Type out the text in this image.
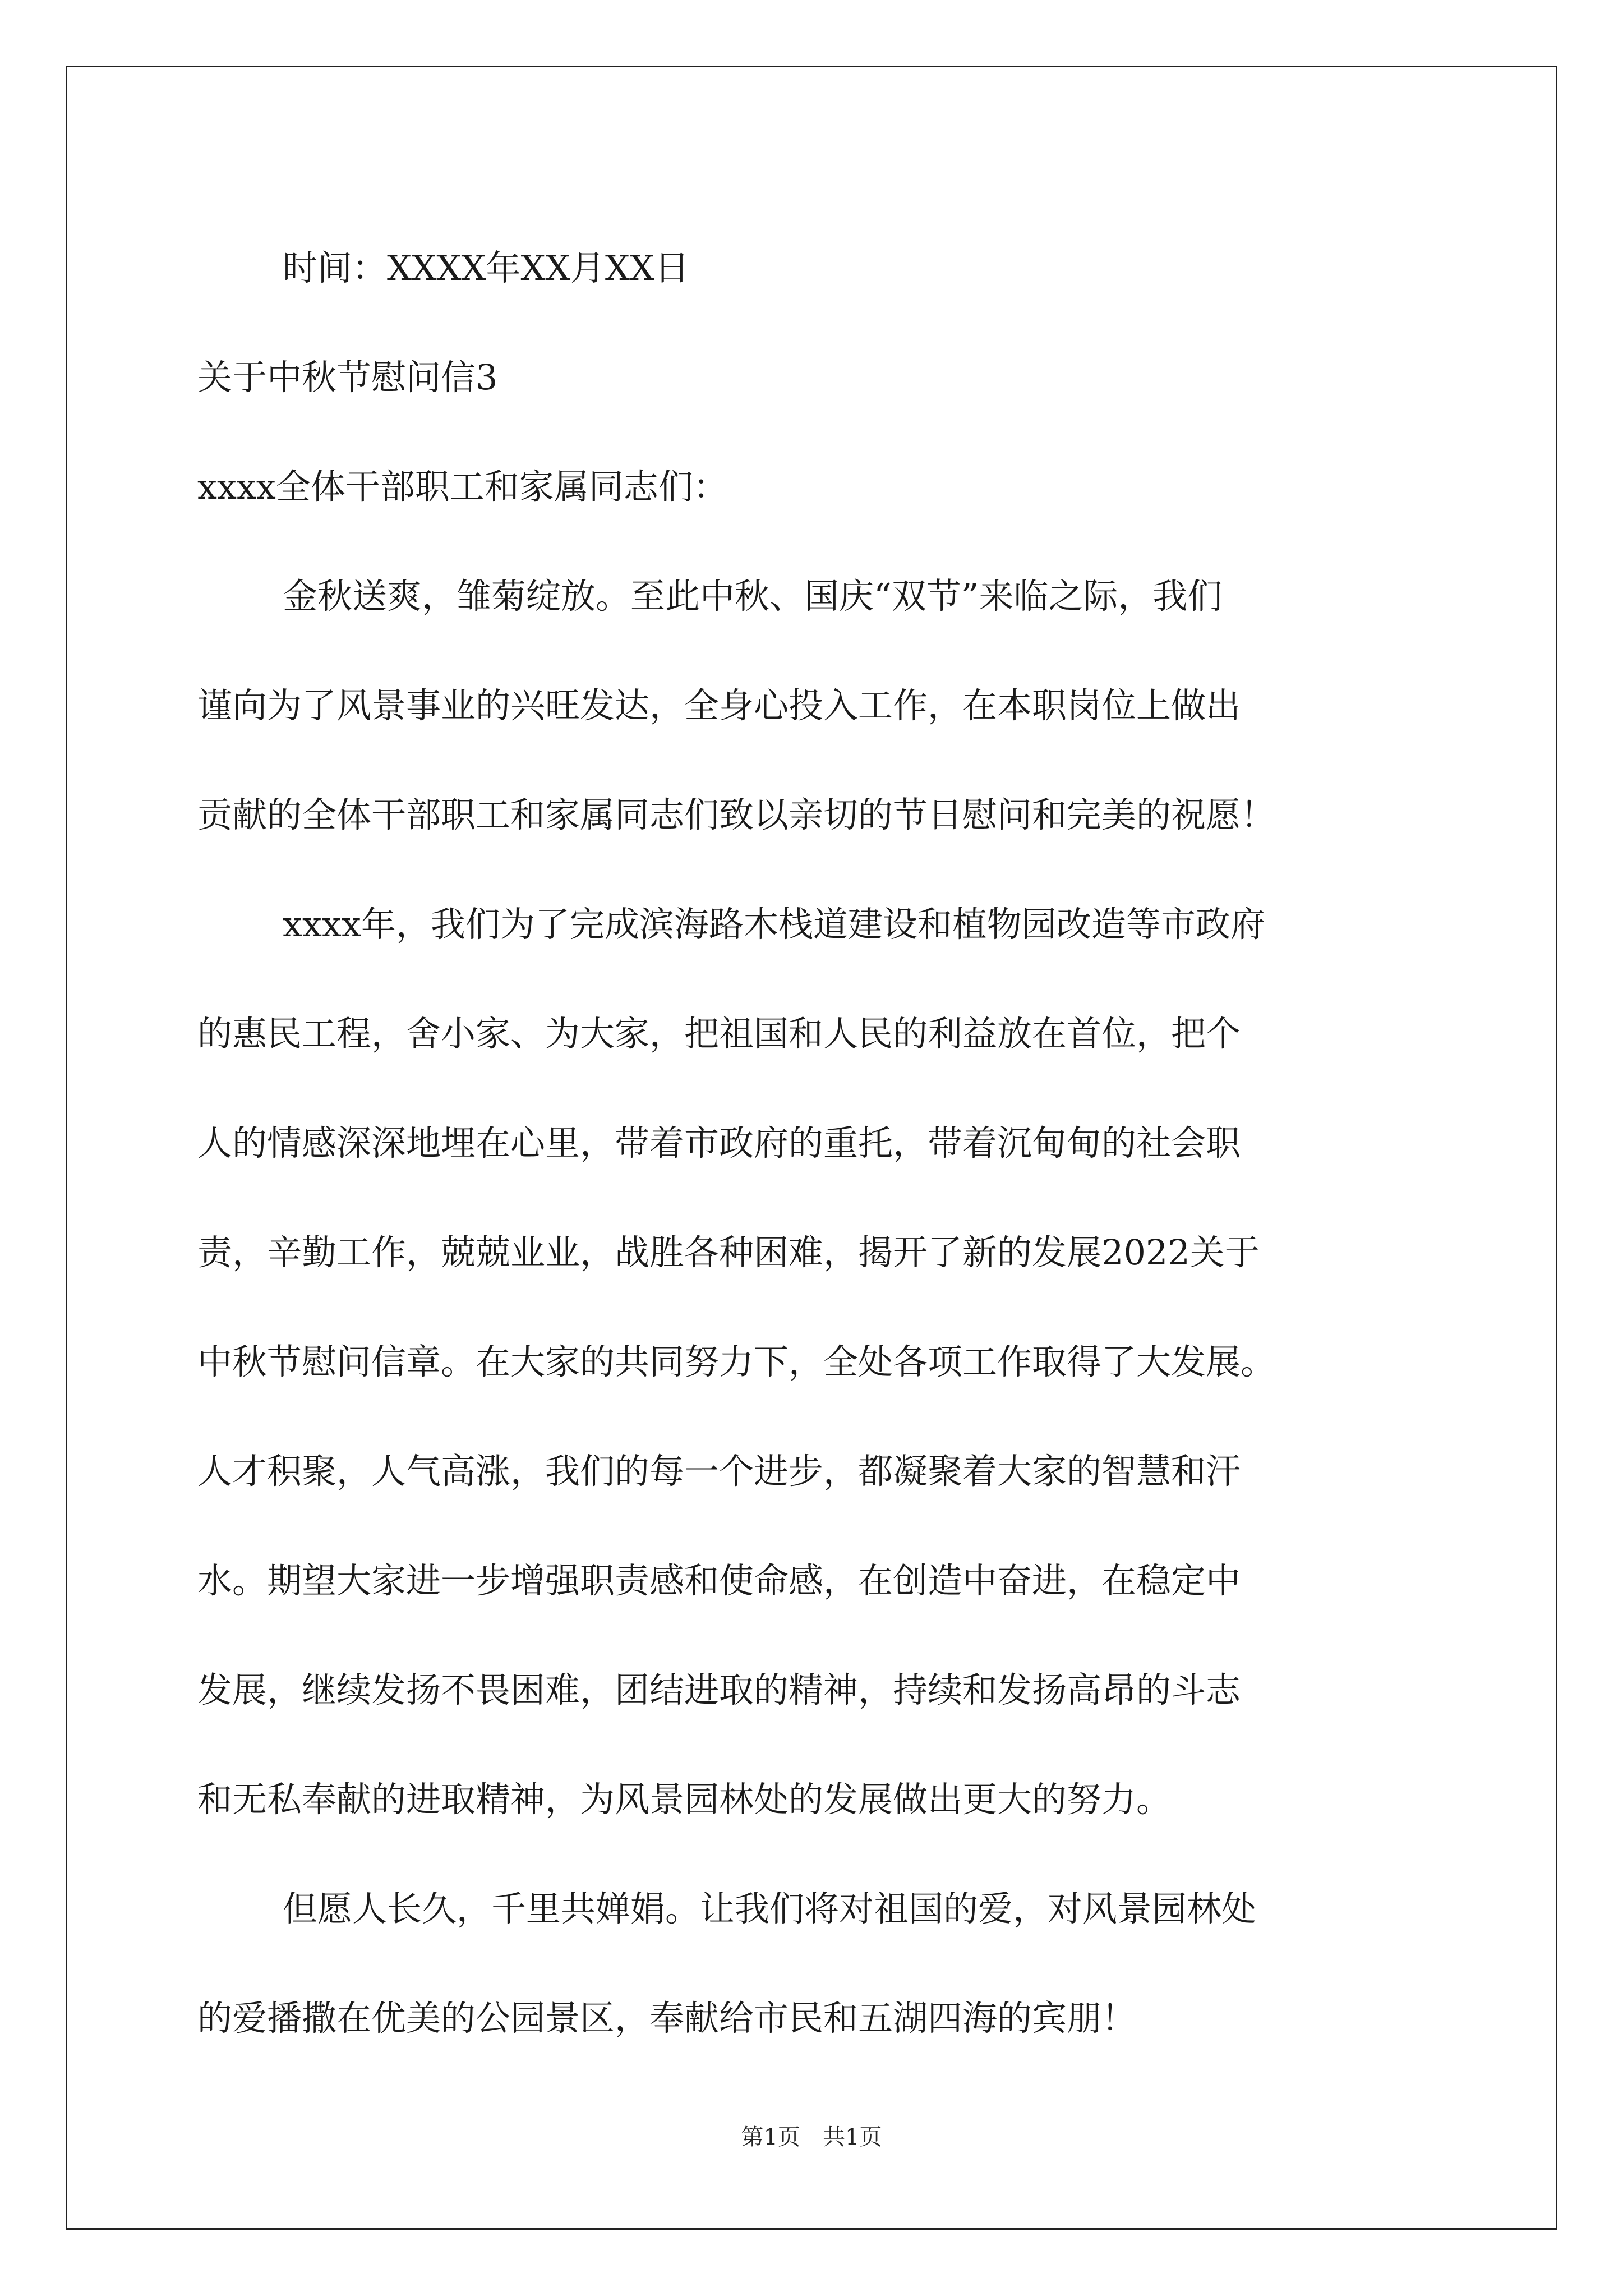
时间：XXXX年XX月XX日
关于中秋节慰问信3
xxxx全体干部职工和家属同志们：
金秋送爽，雏菊绽放。至此中秋、国庆“双节”来临之际，我们
谨向为了风景事业的兴旺发达，全身心投入工作，在本职岗位上做出
贡献的全体干部职工和家属同志们致以亲切的节日慰问和完美的祝愿！
xxxx年，我们为了完成滨海路木栈道建设和植物园改造等市政府
的惠民工程，舍小家、为大家，把祖国和人民的利益放在首位，把个
人的情感深深地埋在心里，带着市政府的重托，带着沉甸甸的社会职
责，辛勤工作，兢兢业业，战胜各种困难，揭开了新的发展2022关于
中秋节慰问信章。在大家的共同努力下，全处各项工作取得了大发展。
人才积聚，人气高涨，我们的每一个进步，都凝聚着大家的智慧和汗
水。期望大家进一步增强职责感和使命感，在创造中奋进，在稳定中
发展，继续发扬不畏困难，团结进取的精神，持续和发扬高昂的斗志
和无私奉献的进取精神，为风景园林处的发展做出更大的努力。
但愿人长久，千里共婵娟。让我们将对祖国的爱，对风景园林处
的爱播撒在优美的公园景区，奉献给市民和五湖四海的宾朋！
第1页　共1页
